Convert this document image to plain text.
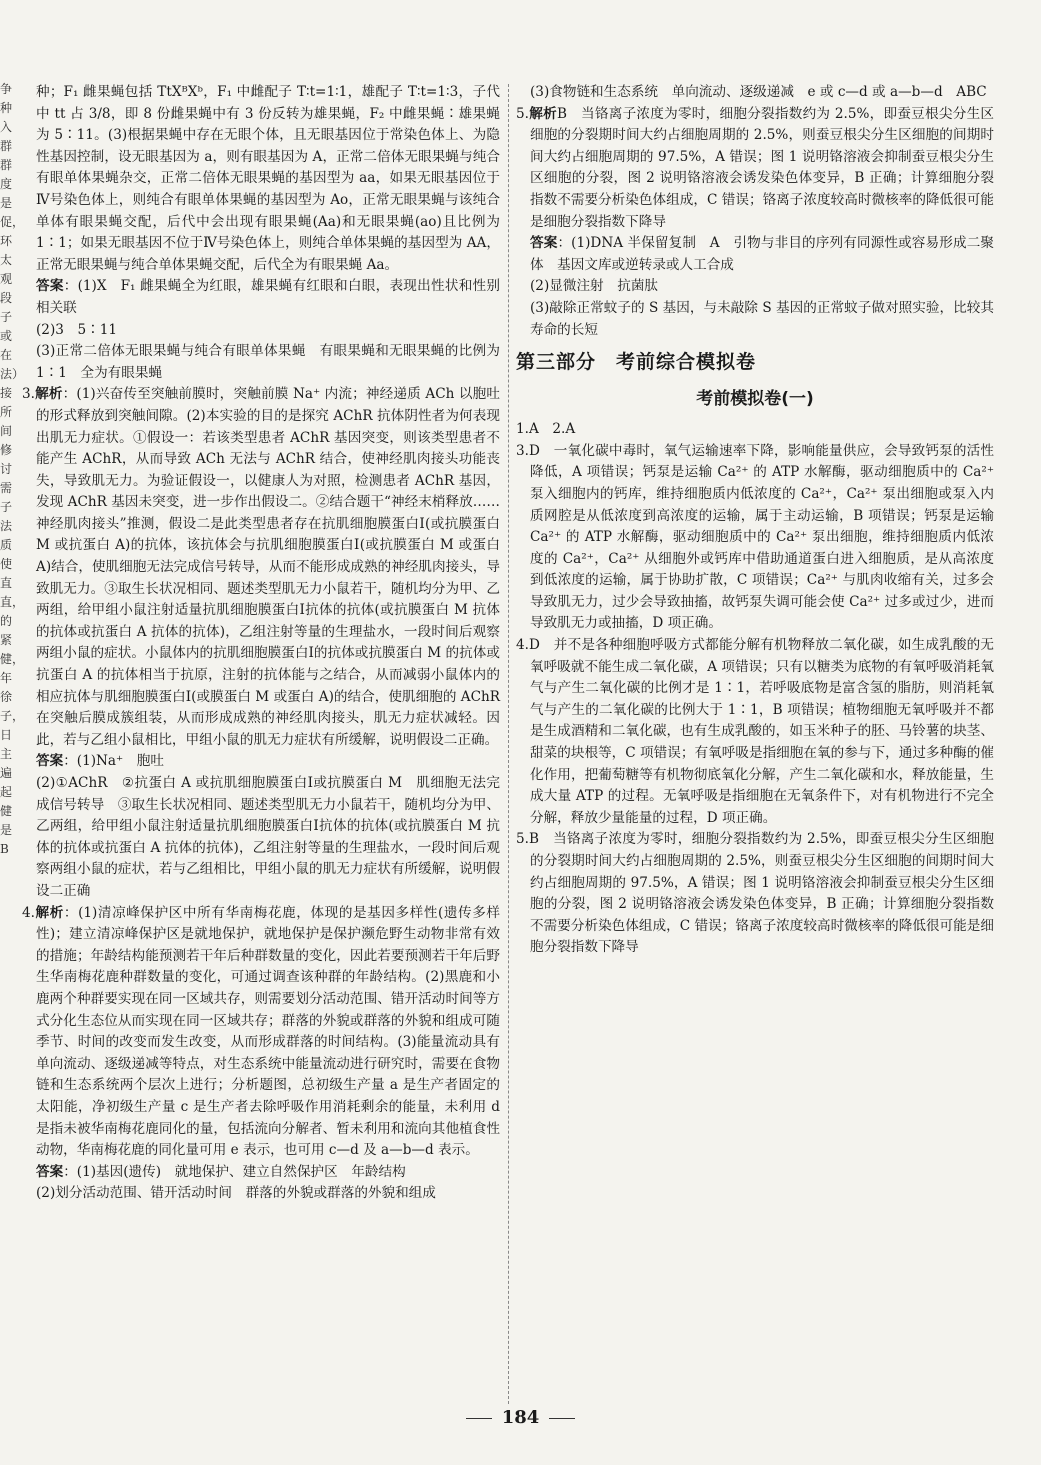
争种入群群度是促，环太观段子或在法）接所间修讨需子法质使直直，的紧健，年徐子，日主遍起健是B

种；F₁ 雌果蝇包括 TtXᴮXᵇ，F₁ 中雌配子 T∶t=1∶1，雄配子 T∶t=1∶3，子代中 tt 占 3/8，即 8 份雌果蝇中有 3 份反转为雄果蝇，F₂ 中雌果蝇∶雄果蝇为 5∶11。(3)根据果蝇中存在无眼个体，且无眼基因位于常染色体上、为隐性基因控制，设无眼基因为 a，则有眼基因为 A，正常二倍体无眼果蝇与纯合有眼单体果蝇杂交，正常二倍体无眼果蝇的基因型为 aa，如果无眼基因位于Ⅳ号染色体上，则纯合有眼单体果蝇的基因型为 Ao，正常无眼果蝇与该纯合单体有眼果蝇交配，后代中会出现有眼果蝇(Aa)和无眼果蝇(ao)且比例为1∶1；如果无眼基因不位于Ⅳ号染色体上，则纯合单体果蝇的基因型为 AA，正常无眼果蝇与纯合单体果蝇交配，后代全为有眼果蝇 Aa。

答案：(1)X　F₁ 雌果蝇全为红眼，雄果蝇有红眼和白眼，表现出性状和性别相关联

(2)3　5∶11

(3)正常二倍体无眼果蝇与纯合有眼单体果蝇　有眼果蝇和无眼果蝇的比例为 1∶1　全为有眼果蝇

3.解析：(1)兴奋传至突触前膜时，突触前膜 Na⁺ 内流；神经递质 ACh 以胞吐的形式释放到突触间隙。(2)本实验的目的是探究 AChR 抗体阴性者为何表现出肌无力症状。①假设一：若该类型患者 AChR 基因突变，则该类型患者不能产生 AChR，从而导致 ACh 无法与 AChR 结合，使神经肌肉接头功能丧失，导致肌无力。为验证假设一，以健康人为对照，检测患者 AChR 基因，发现 AChR 基因未突变，进一步作出假设二。②结合题干“神经末梢释放……神经肌肉接头”推测，假设二是此类型患者存在抗肌细胞膜蛋白Ⅰ(或抗膜蛋白 M 或抗蛋白 A)的抗体，该抗体会与抗肌细胞膜蛋白Ⅰ(或抗膜蛋白 M 或蛋白 A)结合，使肌细胞无法完成信号转导，从而不能形成成熟的神经肌肉接头，导致肌无力。③取生长状况相同、题述类型肌无力小鼠若干，随机均分为甲、乙两组，给甲组小鼠注射适量抗肌细胞膜蛋白Ⅰ抗体的抗体(或抗膜蛋白 M 抗体的抗体或抗蛋白 A 抗体的抗体)，乙组注射等量的生理盐水，一段时间后观察两组小鼠的症状。小鼠体内的抗肌细胞膜蛋白Ⅰ的抗体或抗膜蛋白 M 的抗体或抗蛋白 A 的抗体相当于抗原，注射的抗体能与之结合，从而减弱小鼠体内的相应抗体与肌细胞膜蛋白Ⅰ(或膜蛋白 M 或蛋白 A)的结合，使肌细胞的 AChR 在突触后膜成簇组装，从而形成成熟的神经肌肉接头，肌无力症状减轻。因此，若与乙组小鼠相比，甲组小鼠的肌无力症状有所缓解，说明假设二正确。

答案：(1)Na⁺　胞吐

(2)①AChR　②抗蛋白 A 或抗肌细胞膜蛋白Ⅰ或抗膜蛋白 M　肌细胞无法完成信号转导　③取生长状况相同、题述类型肌无力小鼠若干，随机均分为甲、乙两组，给甲组小鼠注射适量抗肌细胞膜蛋白Ⅰ抗体的抗体(或抗膜蛋白 M 抗体的抗体或抗蛋白 A 抗体的抗体)，乙组注射等量的生理盐水，一段时间后观察两组小鼠的症状，若与乙组相比，甲组小鼠的肌无力症状有所缓解，说明假设二正确

4.解析：(1)清凉峰保护区中所有华南梅花鹿，体现的是基因多样性(遗传多样性)；建立清凉峰保护区是就地保护，就地保护是保护濒危野生动物非常有效的措施；年龄结构能预测若干年后种群数量的变化，因此若要预测若干年后野生华南梅花鹿种群数量的变化，可通过调查该种群的年龄结构。(2)黑鹿和小鹿两个种群要实现在同一区域共存，则需要划分活动范围、错开活动时间等方式分化生态位从而实现在同一区域共存；群落的外貌或群落的外貌和组成可随季节、时间的改变而发生改变，从而形成群落的时间结构。(3)能量流动具有单向流动、逐级递减等特点，对生态系统中能量流动进行研究时，需要在食物链和生态系统两个层次上进行；分析题图，总初级生产量 a 是生产者固定的太阳能，净初级生产量 c 是生产者去除呼吸作用消耗剩余的能量，未利用 d 是指未被华南梅花鹿同化的量，包括流向分解者、暂未利用和流向其他植食性动物，华南梅花鹿的同化量可用 e 表示，也可用 c—d 及 a—b—d 表示。

答案：(1)基因(遗传)　就地保护、建立自然保护区　年龄结构

(2)划分活动范围、错开活动时间　群落的外貌或群落的外貌和组成

(3)食物链和生态系统　单向流动、逐级递减　e 或 c—d 或 a—b—d　ABC

5.解析B　当铬离子浓度为零时，细胞分裂指数约为 2.5%，即蚕豆根尖分生区细胞的分裂期时间大约占细胞周期的 2.5%，则蚕豆根尖分生区细胞的间期时间大约占细胞周期的 97.5%，A 错误；图 1 说明铬溶液会抑制蚕豆根尖分生区细胞的分裂，图 2 说明铬溶液会诱发染色体变异，B 正确；计算细胞分裂指数不需要分析染色体组成，C 错误；铬离子浓度较高时微核率的降低很可能是细胞分裂指数下降导

答案：(1)DNA 半保留复制　A　引物与非目的序列有同源性或容易形成二聚体　基因文库或逆转录或人工合成

(2)显微注射　抗菌肽

(3)敲除正常蚊子的 S 基因，与未敲除 S 基因的正常蚊子做对照实验，比较其寿命的长短

第三部分　考前综合模拟卷
考前模拟卷(一)

1.A　2.A

3.D　一氧化碳中毒时，氧气运输速率下降，影响能量供应，会导致钙泵的活性降低，A 项错误；钙泵是运输 Ca²⁺ 的 ATP 水解酶，驱动细胞质中的 Ca²⁺ 泵入细胞内的钙库，维持细胞质内低浓度的 Ca²⁺，Ca²⁺ 泵出细胞或泵入内质网腔是从低浓度到高浓度的运输，属于主动运输，B 项错误；钙泵是运输 Ca²⁺ 的 ATP 水解酶，驱动细胞质中的 Ca²⁺ 泵出细胞，维持细胞质内低浓度的 Ca²⁺，Ca²⁺ 从细胞外或钙库中借助通道蛋白进入细胞质，是从高浓度到低浓度的运输，属于协助扩散，C 项错误；Ca²⁺ 与肌肉收缩有关，过多会导致肌无力，过少会导致抽搐，故钙泵失调可能会使 Ca²⁺ 过多或过少，进而导致肌无力或抽搐，D 项正确。

4.D　并不是各种细胞呼吸方式都能分解有机物释放二氧化碳，如生成乳酸的无氧呼吸就不能生成二氧化碳，A 项错误；只有以糖类为底物的有氧呼吸消耗氧气与产生二氧化碳的比例才是 1∶1，若呼吸底物是富含氢的脂肪，则消耗氧气与产生的二氧化碳的比例大于 1∶1，B 项错误；植物细胞无氧呼吸并不都是生成酒精和二氧化碳，也有生成乳酸的，如玉米种子的胚、马铃薯的块茎、甜菜的块根等，C 项错误；有氧呼吸是指细胞在氧的参与下，通过多种酶的催化作用，把葡萄糖等有机物彻底氧化分解，产生二氧化碳和水，释放能量，生成大量 ATP 的过程。无氧呼吸是指细胞在无氧条件下，对有机物进行不完全分解，释放少量能量的过程，D 项正确。

5.B　当铬离子浓度为零时，细胞分裂指数约为 2.5%，即蚕豆根尖分生区细胞的分裂期时间大约占细胞周期的 2.5%，则蚕豆根尖分生区细胞的间期时间大约占细胞周期的 97.5%，A 错误；图 1 说明铬溶液会抑制蚕豆根尖分生区细胞的分裂，图 2 说明铬溶液会诱发染色体变异，B 正确；计算细胞分裂指数不需要分析染色体组成，C 错误；铬离子浓度较高时微核率的降低很可能是细胞分裂指数下降导

184
